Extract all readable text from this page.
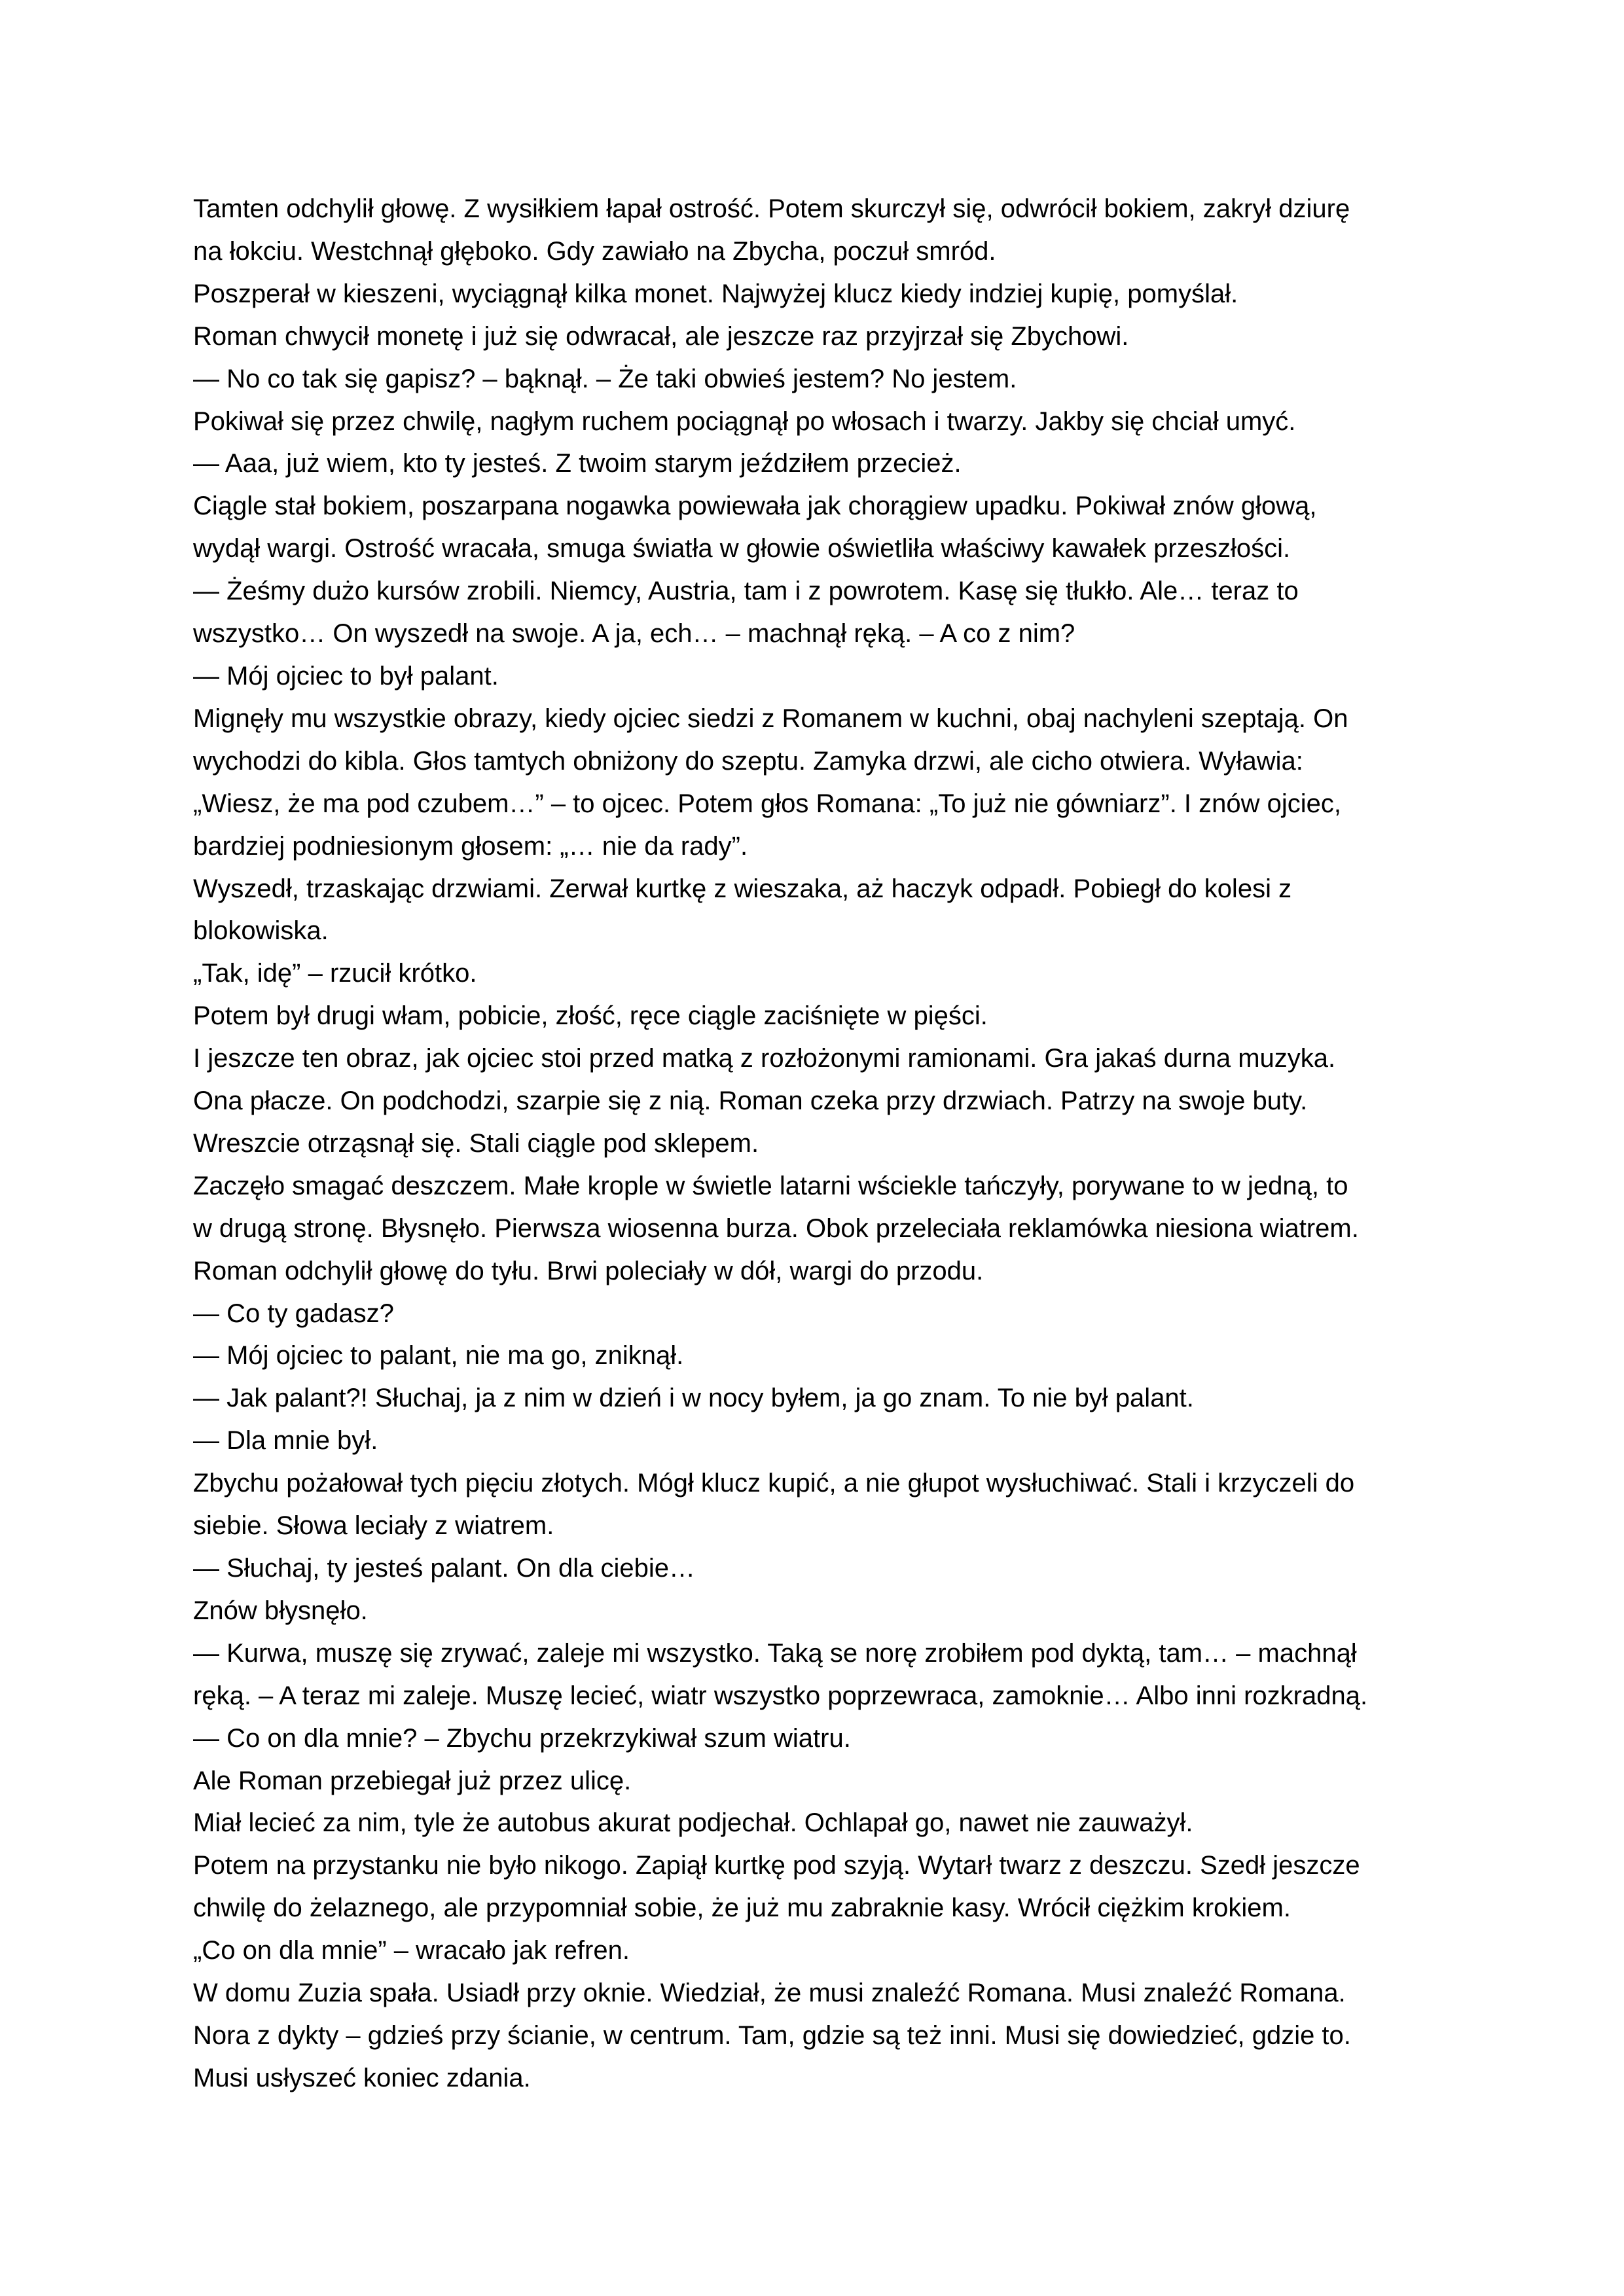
Tamten odchylił głowę. Z wysiłkiem łapał ostrość. Potem skurczył się, odwrócił bokiem, zakrył dziurę
na łokciu. Westchnął głęboko. Gdy zawiało na Zbycha, poczuł smród.
Poszperał w kieszeni, wyciągnął kilka monet. Najwyżej klucz kiedy indziej kupię, pomyślał.
Roman chwycił monetę i już się odwracał, ale jeszcze raz przyjrzał się Zbychowi.
— No co tak się gapisz? – bąknął. – Że taki obwieś jestem? No jestem.
Pokiwał się przez chwilę, nagłym ruchem pociągnął po włosach i twarzy. Jakby się chciał umyć.
— Aaa, już wiem, kto ty jesteś. Z twoim starym jeździłem przecież.
Ciągle stał bokiem, poszarpana nogawka powiewała jak chorągiew upadku. Pokiwał znów głową,
wydął wargi. Ostrość wracała, smuga światła w głowie oświetliła właściwy kawałek przeszłości.
— Żeśmy dużo kursów zrobili. Niemcy, Austria, tam i z powrotem. Kasę się tłukło. Ale… teraz to
wszystko… On wyszedł na swoje. A ja, ech… – machnął ręką. – A co z nim?
— Mój ojciec to był palant.
Mignęły mu wszystkie obrazy, kiedy ojciec siedzi z Romanem w kuchni, obaj nachyleni szeptają. On
wychodzi do kibla. Głos tamtych obniżony do szeptu. Zamyka drzwi, ale cicho otwiera. Wyławia:
„Wiesz, że ma pod czubem…” – to ojcec. Potem głos Romana: „To już nie gówniarz”. I znów ojciec,
bardziej podniesionym głosem: „… nie da rady”.
Wyszedł, trzaskając drzwiami. Zerwał kurtkę z wieszaka, aż haczyk odpadł. Pobiegł do kolesi z
blokowiska.
„Tak, idę” – rzucił krótko.
Potem był drugi włam, pobicie, złość, ręce ciągle zaciśnięte w pięści.
I jeszcze ten obraz, jak ojciec stoi przed matką z rozłożonymi ramionami. Gra jakaś durna muzyka.
Ona płacze. On podchodzi, szarpie się z nią. Roman czeka przy drzwiach. Patrzy na swoje buty.
Wreszcie otrząsnął się. Stali ciągle pod sklepem.
Zaczęło smagać deszczem. Małe krople w świetle latarni wściekle tańczyły, porywane to w jedną, to
w drugą stronę. Błysnęło. Pierwsza wiosenna burza. Obok przeleciała reklamówka niesiona wiatrem.
Roman odchylił głowę do tyłu. Brwi poleciały w dół, wargi do przodu.
— Co ty gadasz?
— Mój ojciec to palant, nie ma go, zniknął.
— Jak palant?! Słuchaj, ja z nim w dzień i w nocy byłem, ja go znam. To nie był palant.
— Dla mnie był.
Zbychu pożałował tych pięciu złotych. Mógł klucz kupić, a nie głupot wysłuchiwać. Stali i krzyczeli do
siebie. Słowa leciały z wiatrem.
— Słuchaj, ty jesteś palant. On dla ciebie…
Znów błysnęło.
— Kurwa, muszę się zrywać, zaleje mi wszystko. Taką se norę zrobiłem pod dyktą, tam… – machnął
ręką. – A teraz mi zaleje. Muszę lecieć, wiatr wszystko poprzewraca, zamoknie… Albo inni rozkradną.
— Co on dla mnie? – Zbychu przekrzykiwał szum wiatru.
Ale Roman przebiegał już przez ulicę.
Miał lecieć za nim, tyle że autobus akurat podjechał. Ochlapał go, nawet nie zauważył.
Potem na przystanku nie było nikogo. Zapiął kurtkę pod szyją. Wytarł twarz z deszczu. Szedł jeszcze
chwilę do żelaznego, ale przypomniał sobie, że już mu zabraknie kasy. Wrócił ciężkim krokiem.
„Co on dla mnie” – wracało jak refren.
W domu Zuzia spała. Usiadł przy oknie. Wiedział, że musi znaleźć Romana. Musi znaleźć Romana.
Nora z dykty – gdzieś przy ścianie, w centrum. Tam, gdzie są też inni. Musi się dowiedzieć, gdzie to.
Musi usłyszeć koniec zdania.
